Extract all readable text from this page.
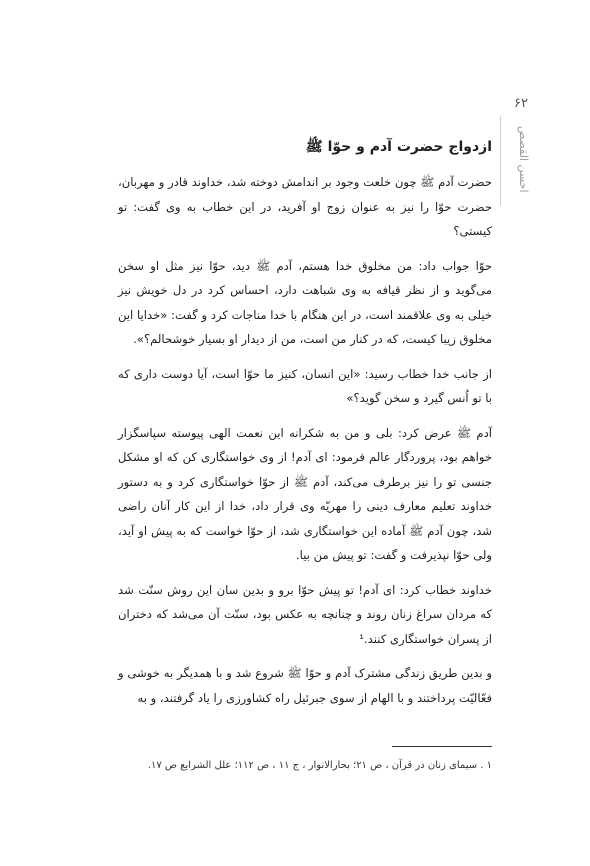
۶۲
احسن القصص
ازدواج حضرت آدم و حوّا ﷺ

حضرت آدم ﷺ چون خلعت وجود بر اندامش دوخته شد، خداوند قادر و مهربان، حضرت حوّا را نیز به عنوان زوج او آفرید، در این خطاب به وی گفت: تو کیستی؟

حوّا جواب داد: من مخلوق خدا هستم، آدم ﷺ دید، حوّا نیز مثل او سخن می‌گوید و از نظر قیافه به وی شباهت دارد، احساس کرد در دل خویش نیز خیلی به وی علاقمند است، در این هنگام با خدا مناجات کرد و گفت: «خدایا این مخلوق زیبا کیست، که در کنار من است، من از دیدار او بسیار خوشحالم؟».

از جانب خدا خطاب رسید: «این انسان، کنیز ما حوّا است، آیا دوست داری که با تو اُنس گیرد و سخن گوید؟»

آدم ﷺ عرض کرد: بلی و من به شکرانه این نعمت الهی پیوسته سپاسگزار خواهم بود، پروردگار عالم فرمود: ای آدم! از وی خواستگاری کن که او مشکل جنسی تو را نیز برطرف می‌کند، آدم ﷺ از حوّا خواستگاری کرد و به دستور خداوند تعلیم معارف دینی را مهریّه وی قرار داد، خدا از این کار آنان راضی شد، چون آدم ﷺ آماده این خواستگاری شد، از حوّا خواست که به پیش او آید، ولی حوّا نپذیرفت و گفت: تو پیش من بیا.

خداوند خطاب کرد: ای آدم! تو پیش حوّا برو و بدین سان این روش سنّت شد که مردان سراغ زنان روند و چنانچه به عکس بود، سنّت آن می‌شد که دختران از پسران خواستگاری کنند.¹

و بدین طریق زندگی مشترک آدم و حوّا ﷺ شروع شد و با همدیگر به خوشی و فعّالیّت پرداختند و با الهام از سوی جبرئیل راه کشاورزی را یاد گرفتند، و به

۱ . سیمای زنان در قرآن ، ص ۲۱؛ بحارالانوار ، ج ۱۱ ، ص ۱۱۲؛ علل الشرایع ص ۱۷.
